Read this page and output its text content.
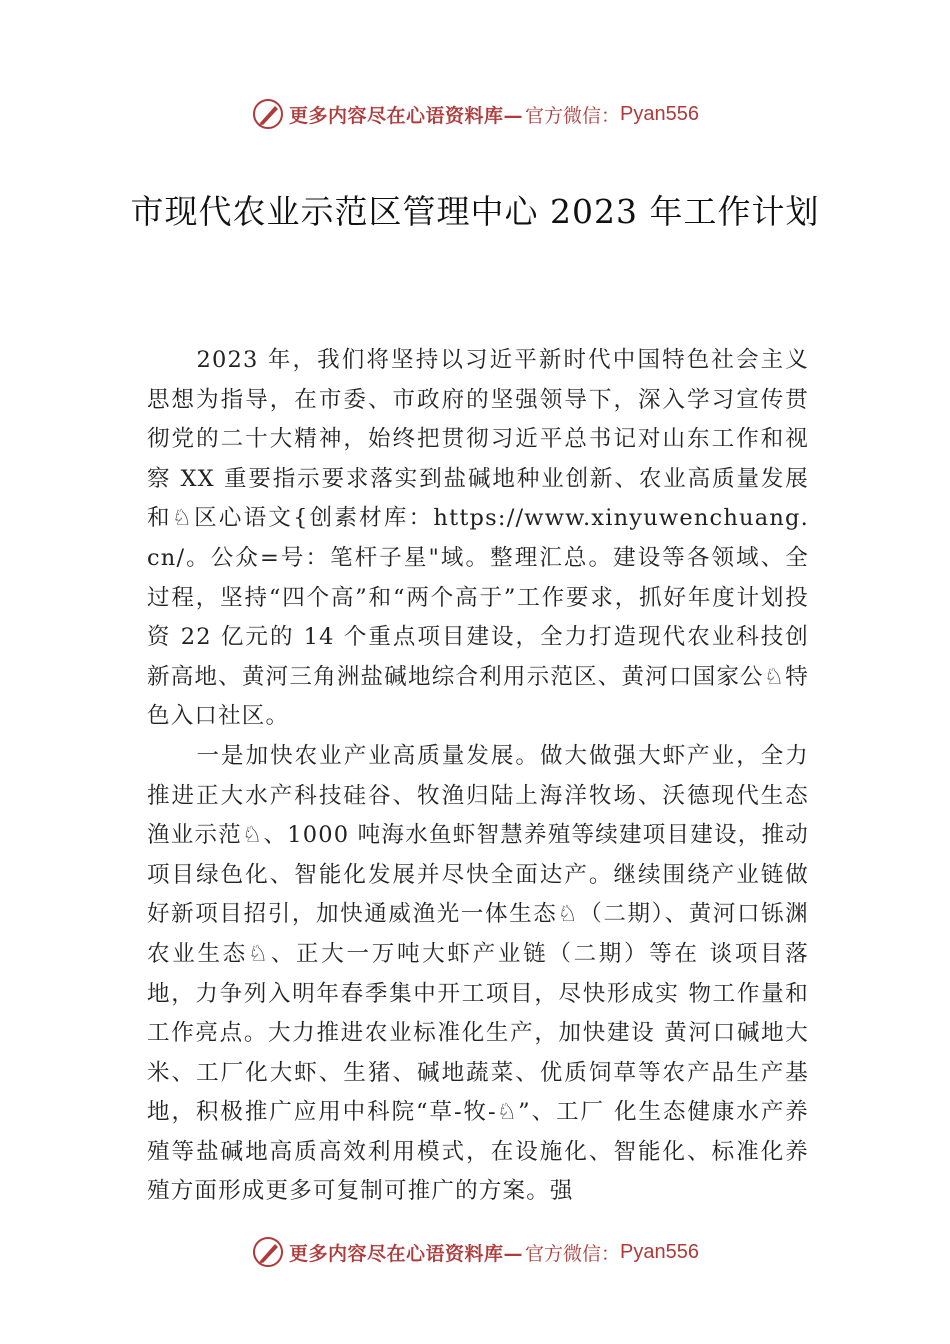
更多内容尽在心语资料库— 官方微信： Pyan556
市现代农业示范区管理中心 2023 年工作计划

2023 年，我们将坚持以习近平新时代中国特色社会主义思想为指导，在市委、市政府的坚强领导下，深入学习宣传贯彻党的二十大精神，始终把贯彻习近平总书记对山东工作和视察 XX 重要指示要求落实到盐碱地种业创新、农业高质量发展和♘区心语文{创素材库：https://www.xinyuwenchuang.cn/。公众=号：笔杆子星"域。整理汇总。建设等各领域、全过程，坚持“四个高”和“两个高于”工作要求，抓好年度计划投资 22 亿元的 14 个重点项目建设，全力打造现代农业科技创新高地、黄河三角洲盐碱地综合利用示范区、黄河口国家公♘特色入口社区。

一是加快农业产业高质量发展。做大做强大虾产业，全力推进正大水产科技硅谷、牧渔归陆上海洋牧场、沃德现代生态渔业示范♘、1000 吨海水鱼虾智慧养殖等续建项目建设，推动项目绿色化、智能化发展并尽快全面达产。继续围绕产业链做好新项目招引，加快通威渔光一体生态♘（二期）、黄河口铄渊农业生态♘、正大一万吨大虾产业链（二期）等在 谈项目落地，力争列入明年春季集中开工项目，尽快形成实 物工作量和工作亮点。大力推进农业标准化生产，加快建设 黄河口碱地大米、工厂化大虾、生猪、碱地蔬菜、优质饲草等农产品生产基地，积极推广应用中科院“草-牧-♘”、工厂 化生态健康水产养殖等盐碱地高质高效利用模式，在设施化、智能化、标准化养殖方面形成更多可复制可推广的方案。强

更多内容尽在心语资料库— 官方微信： Pyan556
